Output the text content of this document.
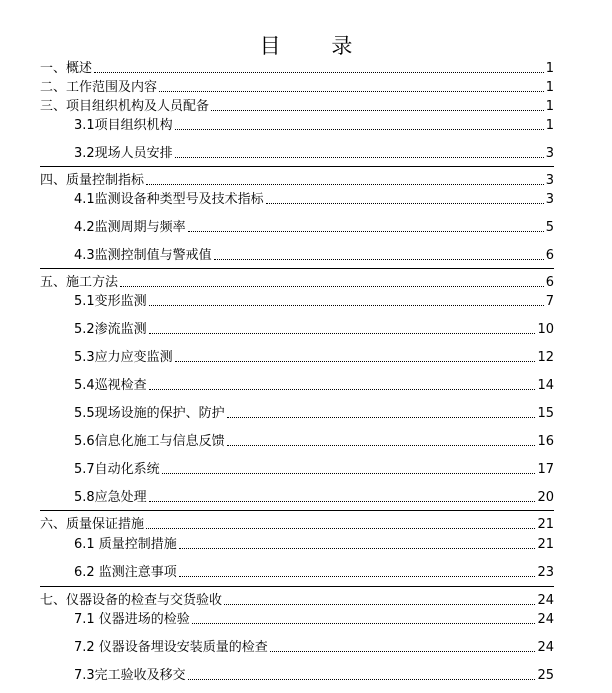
目 录
一、概述	1
二、工作范围及内容	1
三、项目组织机构及人员配备	1
3.1项目组织机构	1
3.2现场人员安排	3
四、质量控制指标	3
4.1监测设备种类型号及技术指标	3
4.2监测周期与频率	5
4.3监测控制值与警戒值	6
五、施工方法	6
5.1变形监测	7
5.2渗流监测	10
5.3应力应变监测	12
5.4巡视检查	14
5.5现场设施的保护、防护	15
5.6信息化施工与信息反馈	16
5.7自动化系统	17
5.8应急处理	20
六、质量保证措施	21
6.1 质量控制措施	21
6.2 监测注意事项	23
七、仪器设备的检查与交货验收	24
7.1 仪器进场的检验	24
7.2 仪器设备埋设安装质量的检查	24
7.3完工验收及移交	25
